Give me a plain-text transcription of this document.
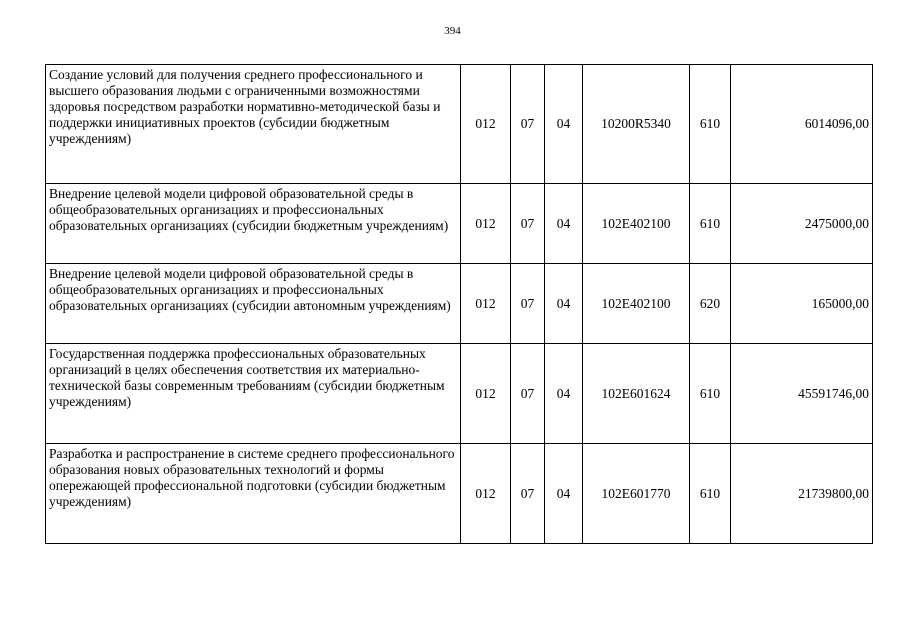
394
Создание условий для получения среднего профессионального и высшего образования людьми с ограниченными возможностями здоровья посредством разработки нормативно-методической базы и поддержки инициативных проектов (субсидии бюджетным учреждениям)	012	07	04	10200R5340	610	6014096,00
Внедрение целевой модели цифровой образовательной среды в общеобразовательных организациях и профессиональных образовательных организациях (субсидии бюджетным учреждениям)	012	07	04	102E402100	610	2475000,00
Внедрение целевой модели цифровой образовательной среды в общеобразовательных организациях и профессиональных образовательных организациях (субсидии автономным учреждениям)	012	07	04	102E402100	620	165000,00
Государственная поддержка профессиональных образовательных организаций в целях обеспечения соответствия их материально-технической базы современным требованиям (субсидии бюджетным учреждениям)	012	07	04	102E601624	610	45591746,00
Разработка и распространение в системе среднего профессионального образования новых образовательных технологий и формы опережающей профессиональной подготовки (субсидии бюджетным учреждениям)	012	07	04	102E601770	610	21739800,00
